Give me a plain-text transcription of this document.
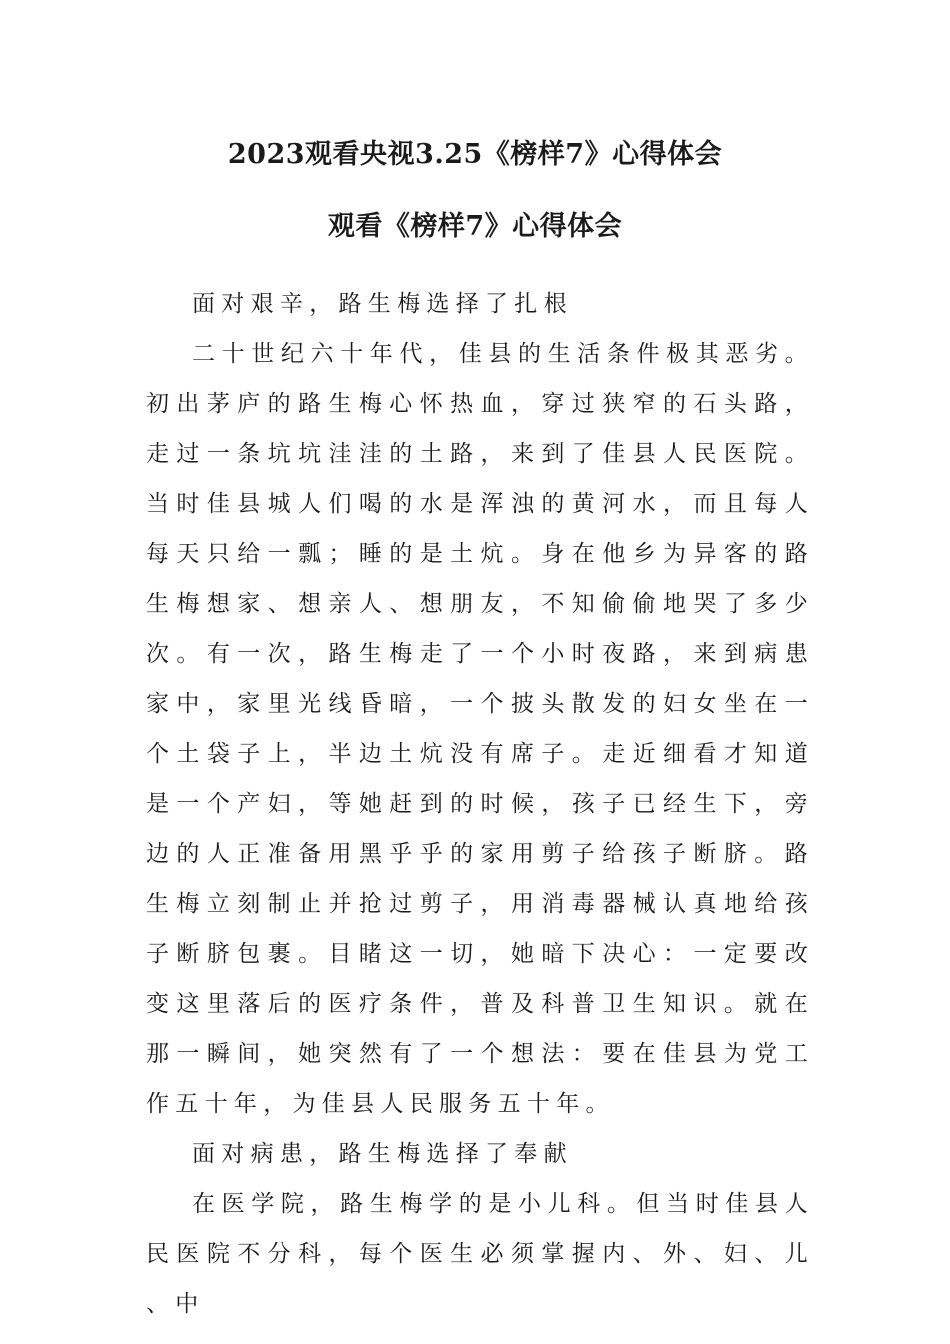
2023观看央视3.25《榜样7》心得体会
观看《榜样7》心得体会

面对艰辛，路生梅选择了扎根

二十世纪六十年代，佳县的生活条件极其恶劣。初出茅庐的路生梅心怀热血，穿过狭窄的石头路，走过一条坑坑洼洼的土路，来到了佳县人民医院。当时佳县城人们喝的水是浑浊的黄河水，而且每人每天只给一瓢；睡的是土炕。身在他乡为异客的路生梅想家、想亲人、想朋友，不知偷偷地哭了多少次。有一次，路生梅走了一个小时夜路，来到病患家中，家里光线昏暗，一个披头散发的妇女坐在一个土袋子上，半边土炕没有席子。走近细看才知道是一个产妇，等她赶到的时候，孩子已经生下，旁边的人正准备用黑乎乎的家用剪子给孩子断脐。路生梅立刻制止并抢过剪子，用消毒器械认真地给孩子断脐包裹。目睹这一切，她暗下决心：一定要改变这里落后的医疗条件，普及科普卫生知识。就在那一瞬间，她突然有了一个想法：要在佳县为党工作五十年，为佳县人民服务五十年。

面对病患，路生梅选择了奉献

在医学院，路生梅学的是小儿科。但当时佳县人民医院不分科，每个医生必须掌握内、外、妇、儿、中
